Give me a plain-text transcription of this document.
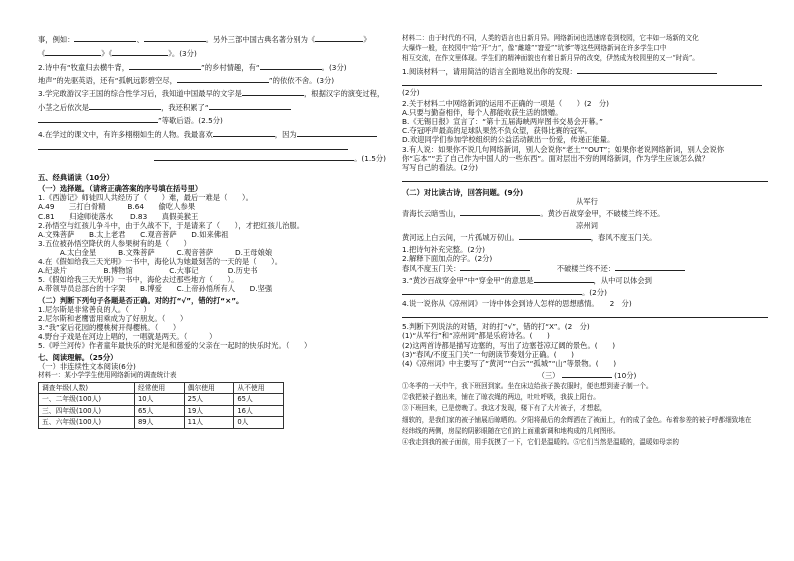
事，例如：	、	。另外三部中国古典名著分别为《	》
《	》《	》。(3分)
2.诗中有“牧童归去横牛背，	”的乡村情趣，有“	。(3分)
地声”的先驱英语，还有“孤帆远影碧空尽，	”的依依不舍。(3分)
3.学完敢游汉字王国的综合性学习后，我知道中国最早的文字是	，根据汉字的演变过程，
小茎之后依次是	，我还积累了“
”等歇后语。(2.5分)
4.在学过的课文中，有许多栩栩如生的人物。我最喜欢	，因为
。(1.5分)
五、经典诵读（10分）
（一）选择题。（请将正确答案的序号填在括号里）
1.《西游记》师徒四人共经历了（　　）难，最后一难是（　　）。
A.49　　三打白骨精　　　B.64　　偷吃人参果
C.81　　归途师徒落水　　 D.83　　真假美猴王
2.孙悟空与红孩儿争斗中，由于久战不下，于是请来了（　　），才把红孩儿治服。
A.文殊菩萨　　B.太上老君　　C.观音菩萨　　D.如来佛祖
3.五位被孙悟空降伏的人参果树有的是（　　）
　　　A.太白金星　　　B.文殊菩萨　　　C.观音菩萨　　　D.王母娘娘
4.在《假如给我三天光明》一书中，海伦认为她最刻苦的一天的是（　　）。
A.纪录片　　　　　B.博物馆　　　　　C.大事记　　　　D.历史书
5.《假如给我三天光明》一书中，海伦去过那些地方（　　）。
A.带领导员总部台的十字架　　B.博爱　　C.上帝孙悟所有人　　D.坚强
（二）判断下列句子各题是否正确。对的打“√”，错的打“×”。
1.尼尔斯是非常善良的人。（　　）
2.尼尔斯和老鹰雷用乘成为了好朋友。（　　）
3.“我”家后花园的樱桃树开得樱桃。（　　）
4.野台子戏是在河边上唱的，一唱就是两天。（　　　）
5.《呼兰河传》作者童年最快乐的时光是和慈爱的父亲在一起时的快乐时光。（　　）
七、阅读理解。（25分）
（一）非连续性文本阅读(6分)
材料一：某小学学生使用网络新词的调查统计表
调查年级(人数)	经常使用	偶尔使用	从不使用
一、二年级(100人)	10人	25人	65人
三、四年级(100人)	65人	19人	16人
五、六年级(100人)	89人	11人	0人
材料二：由于时代的不同，人类的语言也日新月异。网络新词也迅速席卷到校园，它丰如一场新的文化
大爆炸一般，在校园中“给”开“力”，像“雌雄”“窘爱”“坑爹”等这些网络新词在许多学生口中
相互交流，在作文里体现。学生们的精神面貌也有着日新月异的改变，伊然成为校园里的又一“时尚”。
1.阅读材料一，请用简洁的语言全面地说出你的发现：
(2分)
2.关于材料二中网络新词的运用不正确的一项是（　　）(2　分)
A.只要与勤奋相伴，每个人都能收获生活的馈赠。
B.《无锡日报》宣言了：“第十五届海峡两岸图书交易会开幕。”
C.夺冠呼声最高的足球队果然不负众望，获得比赛的冠军。
D.欢迎同学们参加学校组织的公益活动献出一份爱，传递正能量。
3.有人说：如果你不说几句网络新词，别人会说你“老土”“OUT”；如果你老说网络新词，别人会说你
你“忘本”“丢了自己作为中国人的一些东西”。面对层出不穷的网络新词，作为学生应该怎么做？
写写自己的看法。(2分)
（二）对比读古诗，回答问题。(9分)
从军行
青海长云暗雪山，	。黄沙百战穿金甲，不破楼兰终不还。
凉州词
黄河远上白云间，一片孤城万仞山。	，春风不度玉门关。
1.把诗句补充完整。(2分)
2.解释下面加点的字。(2分)
春风不度玉门关：	不破楼兰终不还：
3.“黄沙百战穿金甲”中“穿金甲”的意思是	，从中可以体会到
。(2分)
4.说一说你从《凉州词》一诗中体会到诗人怎样的思想感情。　　2　分)
5.判断下列说法的对错，对的打“√”，错的打“X”。(2　分)
(1)“从军行”和“凉州词”都是乐府诗名。(　　)
(2)这两首诗都是描写边塞的，写出了边塞苍凉辽阔的景色。(　　)
(3)“春风/不度玉门关”一句朗读节奏划分正确。(　　)
(4)《凉州词》中主要写了“黄河”“白云”“孤城”“山”等景物。(　　)
（三）	(10分)
①冬季的一天中午，我下班回到家。坐在床边给孩子换衣服时，便也想到妻子制一个。
②我把被子抱出来，铺在了晾衣绳的两边，吐吐呼吸，我拔上阳台。
③下班回来，已是傍晚了。我这才发现，楼下有了大片被子，才想起，
细软的，是我们家的被子铺展后晾晒的。夕阳将最后的余辉洒在了被面上，有的成了金色。布着参差的被子呼都细致地在
经纬线的两侧，房屋的阴影眼随在它们的上面重新调和地构成的几何图形。
④我走到我的被子面前，用手抚摸了一下，它们是温暖的。⑤它们当然是温暖的，温暖如母亲的
